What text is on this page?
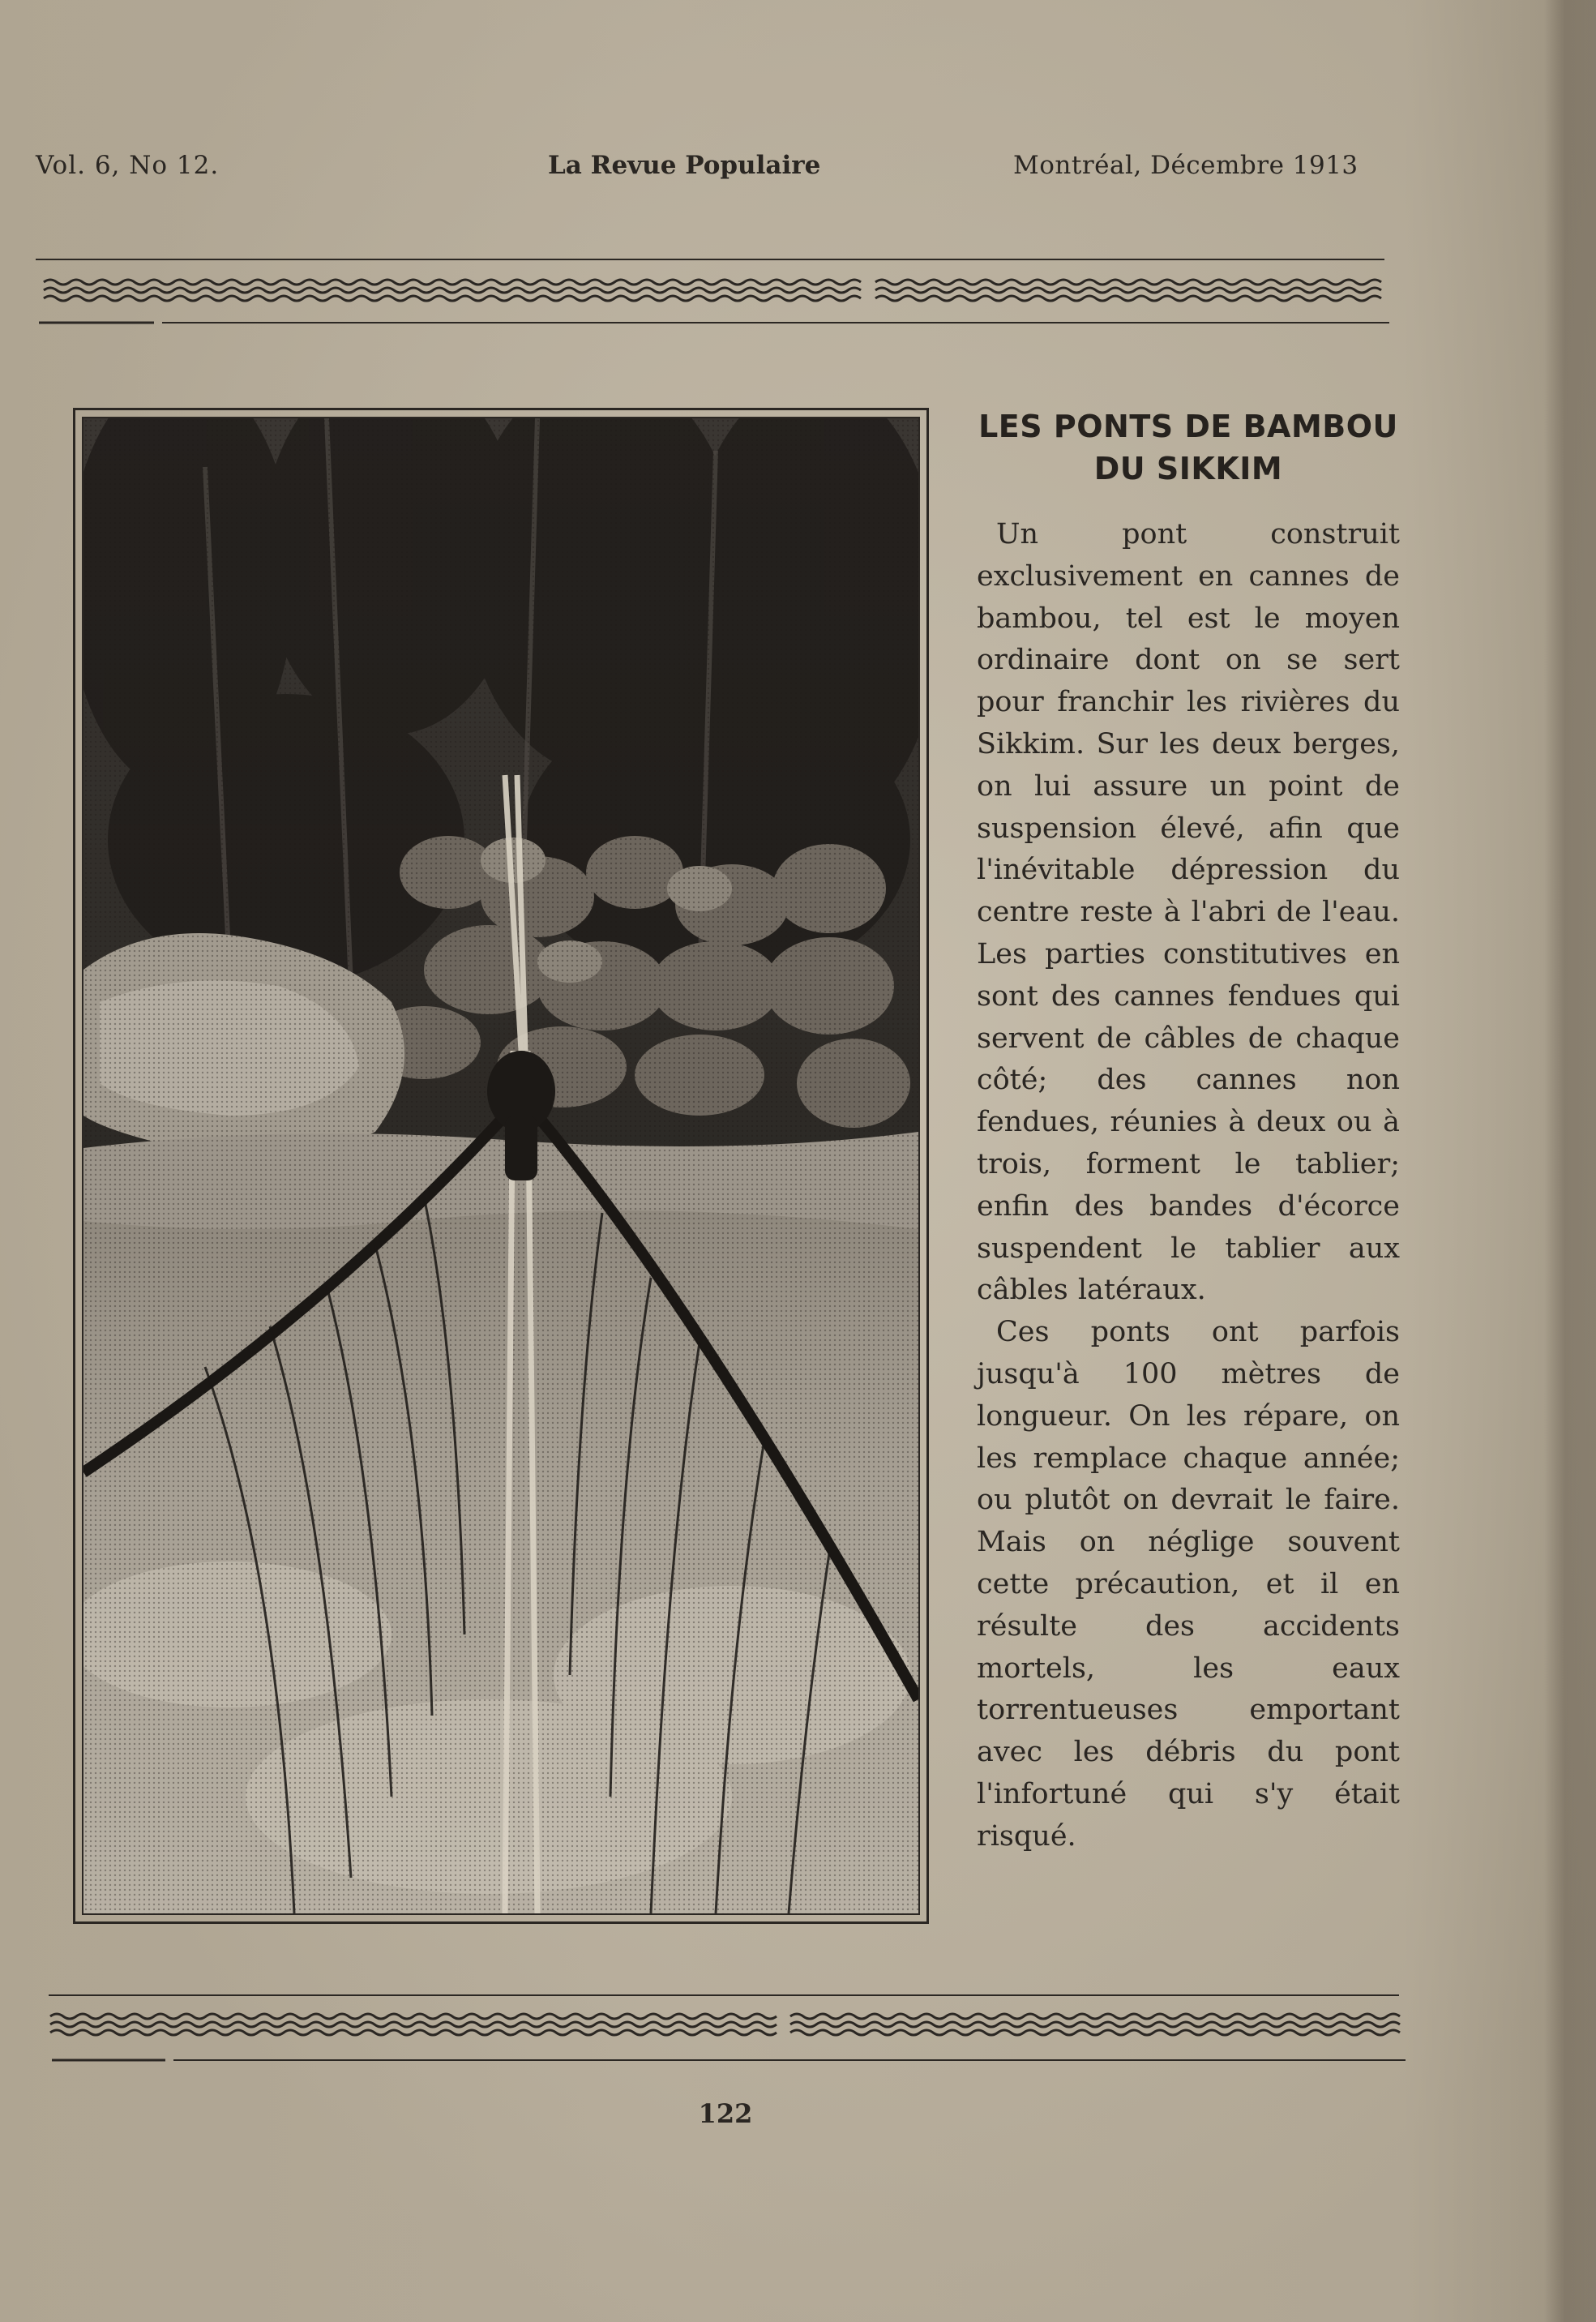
Vol. 6, No 12.	La Revue Populaire	Montréal, Décembre 1913
LES PONTS DE BAMBOU DU SIKKIM

Un pont construit exclusivement en cannes de bambou, tel est le moyen ordinaire dont on se sert pour franchir les rivières du Sikkim. Sur les deux berges, on lui assure un point de suspension élevé, afin que l'inévitable dépression du centre reste à l'abri de l'eau. Les parties constitutives en sont des cannes fendues qui servent de câbles de chaque côté; des cannes non fendues, réunies à deux ou à trois, forment le tablier; enfin des bandes d'écorce suspendent le tablier aux câbles latéraux.

Ces ponts ont parfois jusqu'à 100 mètres de longueur. On les répare, on les remplace chaque année; ou plutôt on devrait le faire. Mais on néglige souvent cette précaution, et il en résulte des accidents mortels, les eaux torrentueuses emportant avec les débris du pont l'infortuné qui s'y était risqué.

122
